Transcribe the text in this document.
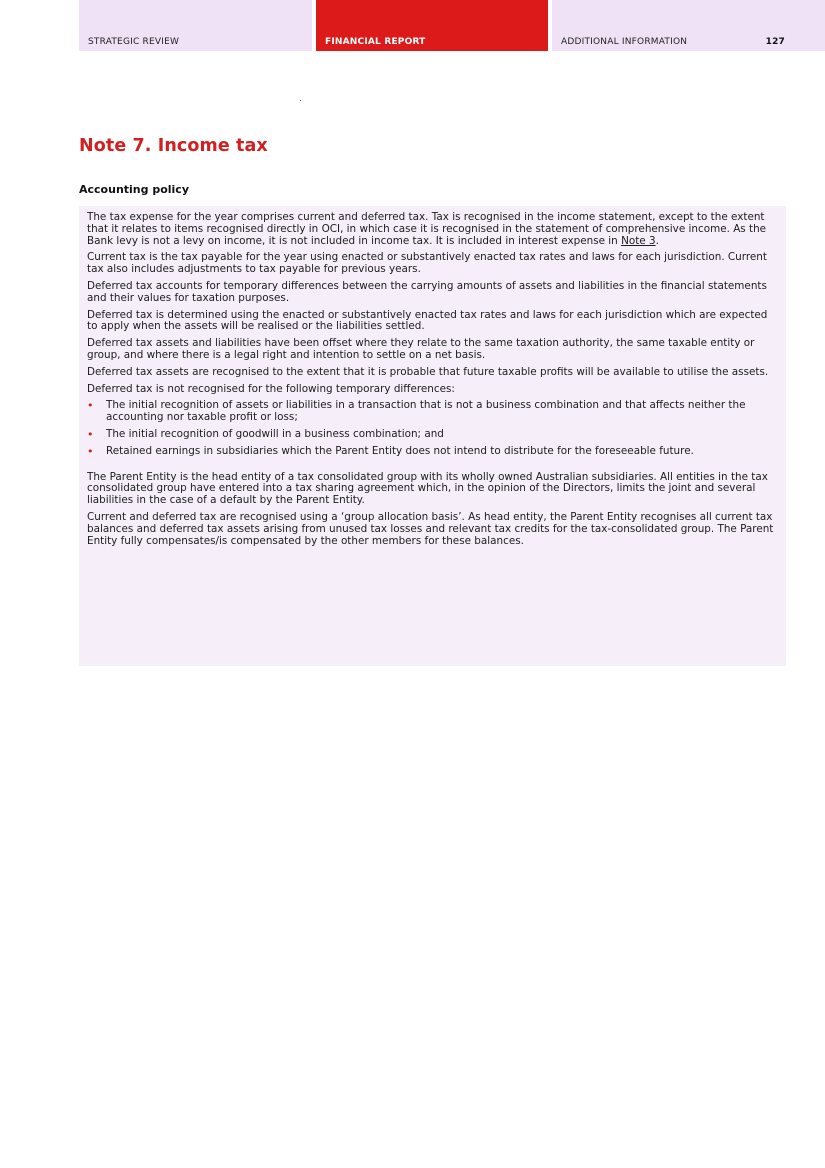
STRATEGIC REVIEW	FINANCIAL REPORT	ADDITIONAL INFORMATION	127
Note 7. Income tax
Accounting policy

The tax expense for the year comprises current and deferred tax. Tax is recognised in the income statement, except to the extent that it relates to items recognised directly in OCI, in which case it is recognised in the statement of comprehensive income. As the Bank levy is not a levy on income, it is not included in income tax. It is included in interest expense in Note 3.

Current tax is the tax payable for the year using enacted or substantively enacted tax rates and laws for each jurisdiction. Current tax also includes adjustments to tax payable for previous years.

Deferred tax accounts for temporary differences between the carrying amounts of assets and liabilities in the financial statements and their values for taxation purposes.

Deferred tax is determined using the enacted or substantively enacted tax rates and laws for each jurisdiction which are expected to apply when the assets will be realised or the liabilities settled.

Deferred tax assets and liabilities have been offset where they relate to the same taxation authority, the same taxable entity or group, and where there is a legal right and intention to settle on a net basis.

Deferred tax assets are recognised to the extent that it is probable that future taxable profits will be available to utilise the assets.

Deferred tax is not recognised for the following temporary differences:

• The initial recognition of assets or liabilities in a transaction that is not a business combination and that affects neither the accounting nor taxable profit or loss;
• The initial recognition of goodwill in a business combination; and
• Retained earnings in subsidiaries which the Parent Entity does not intend to distribute for the foreseeable future.

The Parent Entity is the head entity of a tax consolidated group with its wholly owned Australian subsidiaries. All entities in the tax consolidated group have entered into a tax sharing agreement which, in the opinion of the Directors, limits the joint and several liabilities in the case of a default by the Parent Entity.

Current and deferred tax are recognised using a ‘group allocation basis’. As head entity, the Parent Entity recognises all current tax balances and deferred tax assets arising from unused tax losses and relevant tax credits for the tax-consolidated group. The Parent Entity fully compensates/is compensated by the other members for these balances.
